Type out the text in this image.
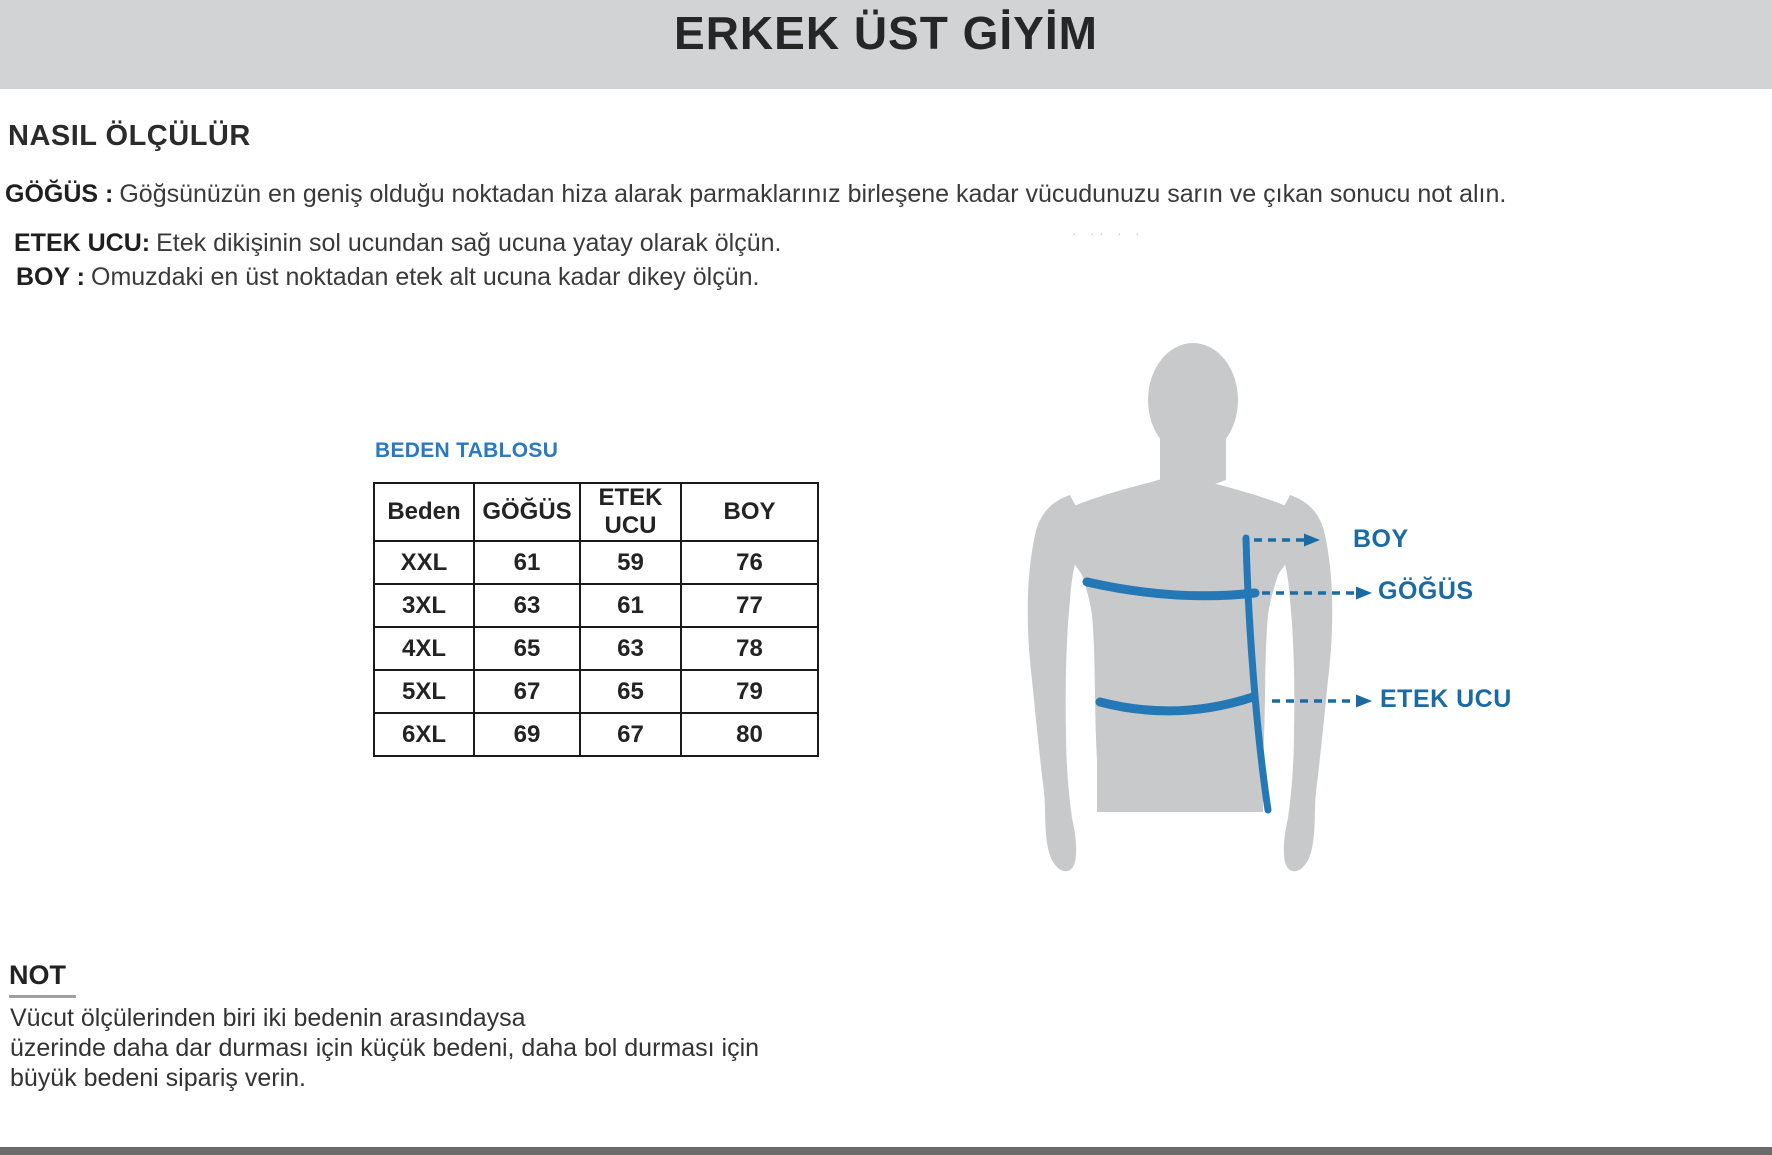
ERKEK ÜST GİYİM
NASIL ÖLÇÜLÜR
GÖĞÜS : Göğsünüzün en geniş olduğu noktadan hiza alarak parmaklarınız birleşene kadar vücudunuzu sarın ve çıkan sonucu not alın.
ETEK UCU: Etek dikişinin sol ucundan sağ ucuna yatay olarak ölçün.
BOY : Omuzdaki en üst noktadan etek alt ucuna kadar dikey ölçün.
· ·· · ·
BEDEN TABLOSU
Beden	GÖĞÜS	ETEK UCU	BOY
XXL	61	59	76
3XL	63	61	77
4XL	65	63	78
5XL	67	65	79
6XL	69	67	80
BOY
GÖĞÜS
ETEK UCU
NOT
Vücut ölçülerinden biri iki bedenin arasındaysa
üzerinde daha dar durması için küçük bedeni, daha bol durması için
büyük bedeni sipariş verin.
